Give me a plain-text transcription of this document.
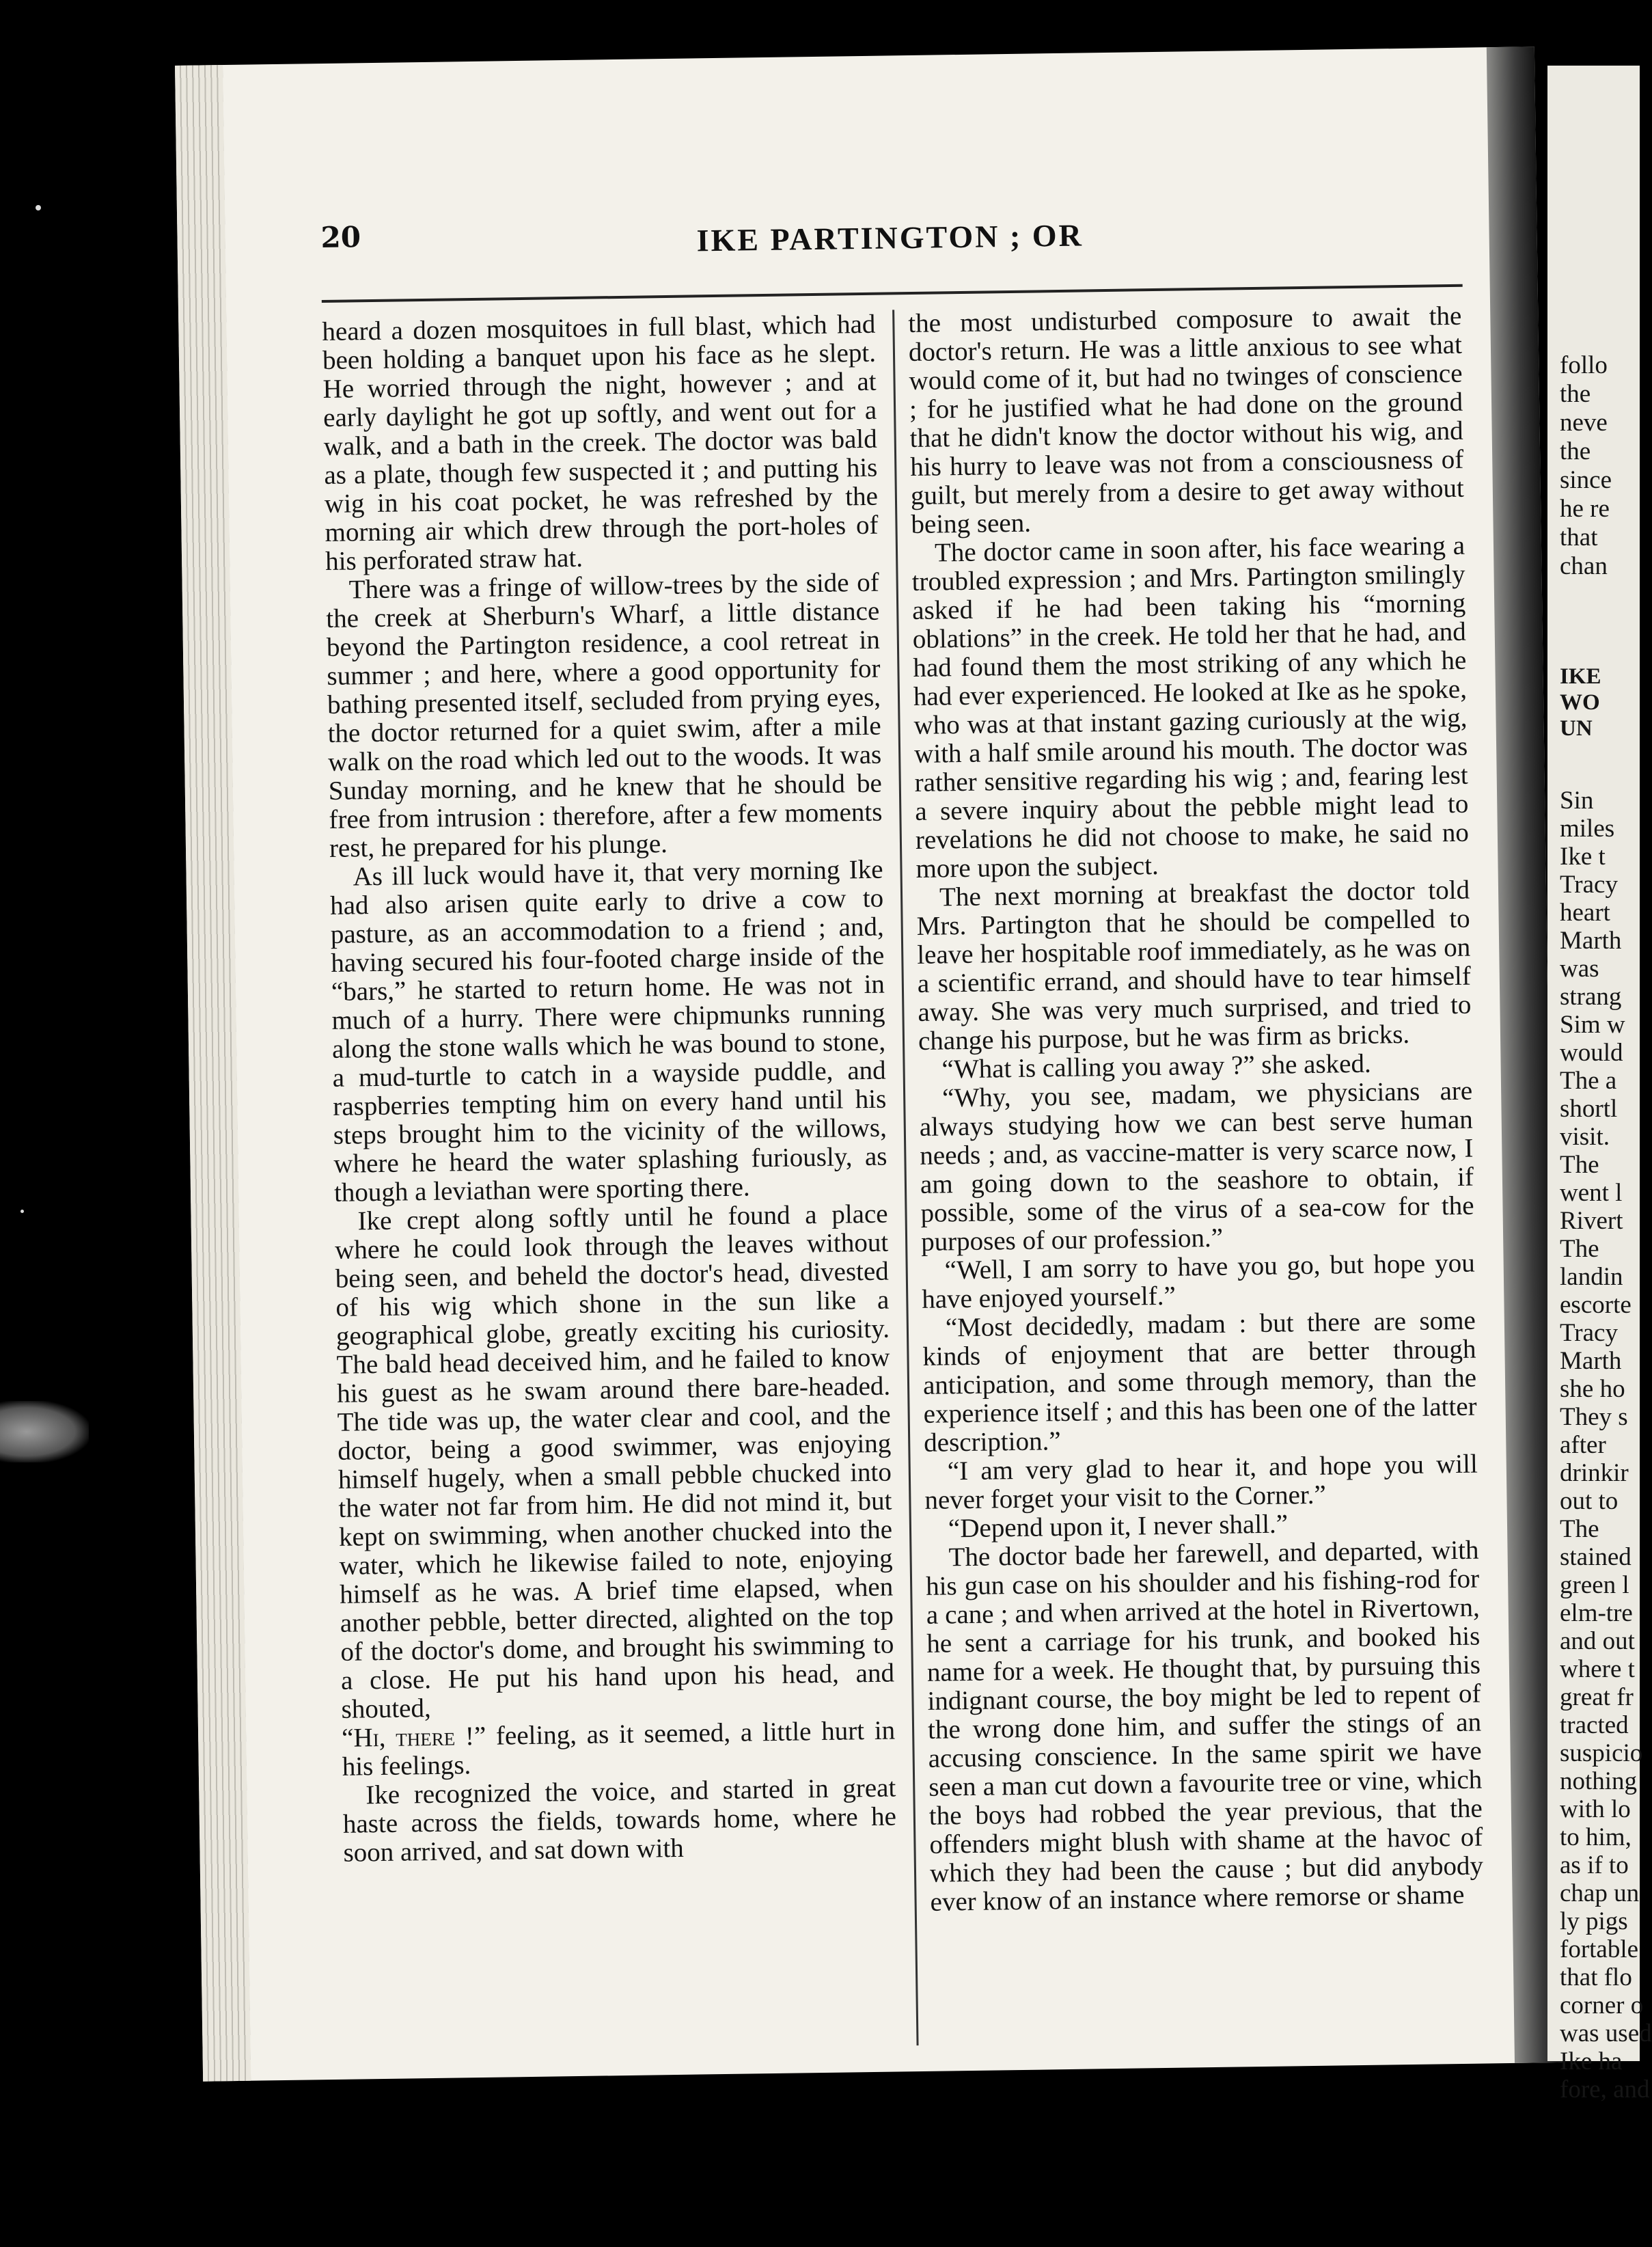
20	IKE PARTINGTON ; OR

heard a dozen mosquitoes in full blast, which had been holding a banquet upon his face as he slept. He worried through the night, however ; and at early daylight he got up softly, and went out for a walk, and a bath in the creek. The doctor was bald as a plate, though few suspected it ; and putting his wig in his coat pocket, he was refreshed by the morning air which drew through the port-holes of his perforated straw hat.

There was a fringe of willow-trees by the side of the creek at Sherburn's Wharf, a little distance beyond the Partington residence, a cool retreat in summer ; and here, where a good opportunity for bathing presented itself, secluded from prying eyes, the doctor returned for a quiet swim, after a mile walk on the road which led out to the woods. It was Sunday morning, and he knew that he should be free from intrusion : therefore, after a few moments rest, he prepared for his plunge.

As ill luck would have it, that very morning Ike had also arisen quite early to drive a cow to pasture, as an accommodation to a friend ; and, having secured his four-footed charge inside of the “bars,” he started to return home. He was not in much of a hurry. There were chipmunks running along the stone walls which he was bound to stone, a mud-turtle to catch in a wayside puddle, and raspberries tempting him on every hand until his steps brought him to the vicinity of the willows, where he heard the water splashing furiously, as though a leviathan were sporting there.

Ike crept along softly until he found a place where he could look through the leaves without being seen, and beheld the doctor's head, divested of his wig which shone in the sun like a geographical globe, greatly exciting his curiosity. The bald head deceived him, and he failed to know his guest as he swam around there bare-headed. The tide was up, the water clear and cool, and the doctor, being a good swimmer, was enjoying himself hugely, when a small pebble chucked into the water not far from him. He did not mind it, but kept on swimming, when another chucked into the water, which he likewise failed to note, enjoying himself as he was. A brief time elapsed, when another pebble, better directed, alighted on the top of the doctor's dome, and brought his swimming to a close. He put his hand upon his head, and shouted,

“Hi, there !” feeling, as it seemed, a little hurt in his feelings.

Ike recognized the voice, and started in great haste across the fields, towards home, where he soon arrived, and sat down with

the most undisturbed composure to await the doctor's return. He was a little anxious to see what would come of it, but had no twinges of conscience ; for he justified what he had done on the ground that he didn't know the doctor without his wig, and his hurry to leave was not from a consciousness of guilt, but merely from a desire to get away without being seen.

The doctor came in soon after, his face wearing a troubled expression ; and Mrs. Partington smilingly asked if he had been taking his “morning oblations” in the creek. He told her that he had, and had found them the most striking of any which he had ever experienced. He looked at Ike as he spoke, who was at that instant gazing curiously at the wig, with a half smile around his mouth. The doctor was rather sensitive regarding his wig ; and, fearing lest a severe inquiry about the pebble might lead to revelations he did not choose to make, he said no more upon the subject.

The next morning at breakfast the doctor told Mrs. Partington that he should be compelled to leave her hospitable roof immediately, as he was on a scientific errand, and should have to tear himself away. She was very much surprised, and tried to change his purpose, but he was firm as bricks.

“What is calling you away ?” she asked.

“Why, you see, madam, we physicians are always studying how we can best serve human needs ; and, as vaccine-matter is very scarce now, I am going down to the seashore to obtain, if possible, some of the virus of a sea-cow for the purposes of our profession.”

“Well, I am sorry to have you go, but hope you have enjoyed yourself.”

“Most decidedly, madam : but there are some kinds of enjoyment that are better through anticipation, and some through memory, than the experience itself ; and this has been one of the latter description.”

“I am very glad to hear it, and hope you will never forget your visit to the Corner.”

“Depend upon it, I never shall.”

The doctor bade her farewell, and departed, with his gun case on his shoulder and his fishing-rod for a cane ; and when arrived at the hotel in Rivertown, he sent a carriage for his trunk, and booked his name for a week. He thought that, by pursuing this indignant course, the boy might be led to repent of the wrong done him, and suffer the stings of an accusing conscience. In the same spirit we have seen a man cut down a favourite tree or vine, which the boys had robbed the year previous, that the offenders might blush with shame at the havoc of which they had been the cause ; but did anybody ever know of an instance where remorse or shame

follo
the
neve
the
since
he re
that
chan
IKE
WO
UN
Sin
miles
Ike t
Tracy
heart
Marth
was
strang
Sim w
would
The a
shortl
visit.
The
went l
Rivert
The
landin
escorte
Tracy
Marth
she ho
They s
after
drinkir
out to
The
stained
green l
elm-tre
and out
where t
great fr
tracted
suspicio
nothing
with lo
to him,
as if to
chap un
ly pigs
fortable
that flo
corner o
was used
Ike ha
fore, and
